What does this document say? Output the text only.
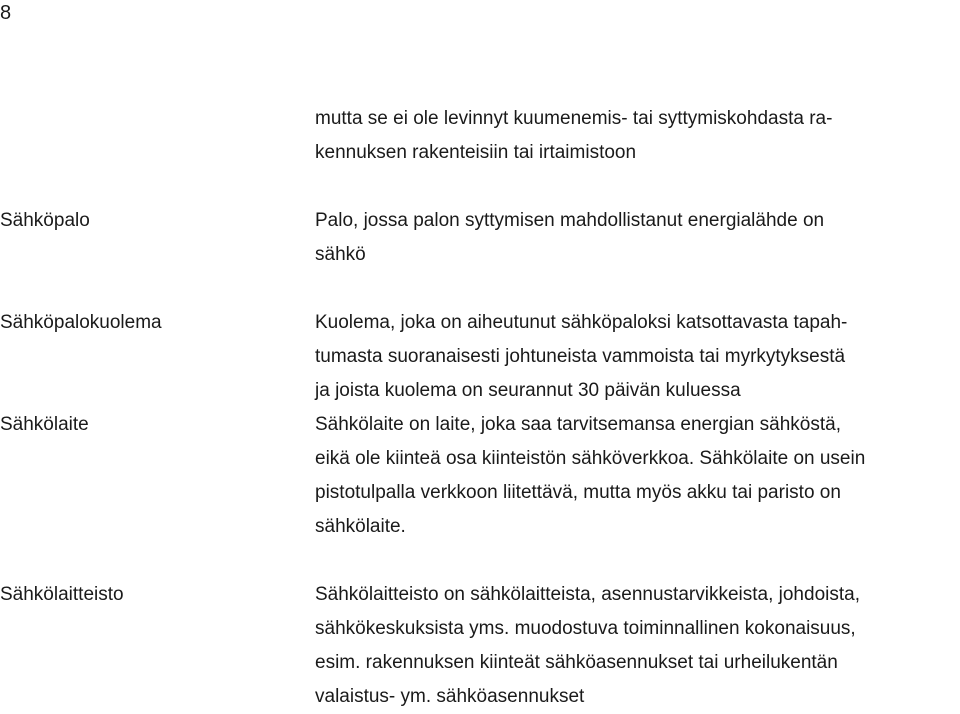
8
mutta se ei ole levinnyt kuumenemis- tai syttymiskohdasta ra-
kennuksen rakenteisiin tai irtaimistoon
Sähköpalo	Palo, jossa palon syttymisen mahdollistanut energialähde on
sähkö
Sähköpalokuolema	Kuolema, joka on aiheutunut sähköpaloksi katsottavasta tapah-
tumasta suoranaisesti johtuneista vammoista tai myrkytyksestä
ja joista kuolema on seurannut 30 päivän kuluessa
Sähkölaite	Sähkölaite on laite, joka saa tarvitsemansa energian sähköstä,
eikä ole kiinteä osa kiinteistön sähköverkkoa. Sähkölaite on usein
pistotulpalla verkkoon liitettävä, mutta myös akku tai paristo on
sähkölaite.
Sähkölaitteisto	Sähkölaitteisto on sähkölaitteista, asennustarvikkeista, johdoista,
sähkökeskuksista yms. muodostuva toiminnallinen kokonaisuus,
esim. rakennuksen kiinteät sähköasennukset tai urheilukentän
valaistus- ym. sähköasennukset
